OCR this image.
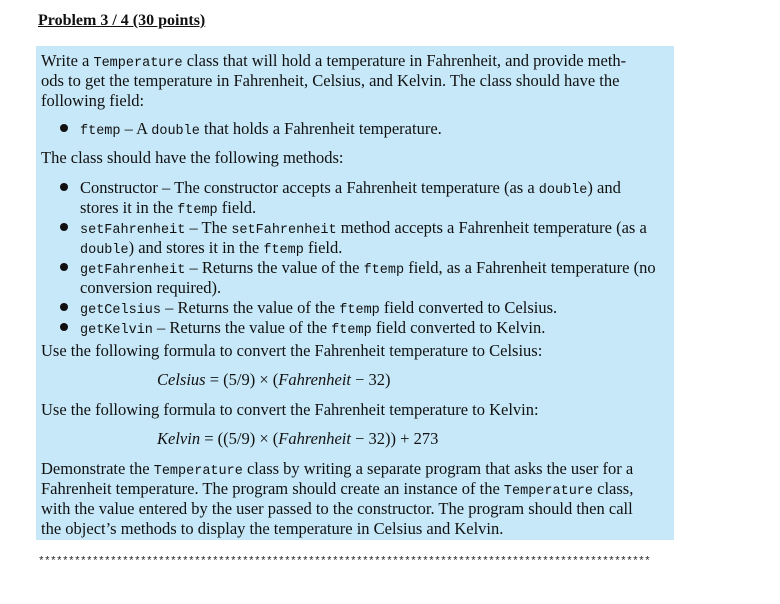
Problem 3 / 4 (30 points)
Write a Temperature class that will hold a temperature in Fahrenheit, and provide meth-
ods to get the temperature in Fahrenheit, Celsius, and Kelvin. The class should have the
following field:
ftemp – A double that holds a Fahrenheit temperature.
The class should have the following methods:
Constructor – The constructor accepts a Fahrenheit temperature (as a double) and
stores it in the ftemp field.
setFahrenheit – The setFahrenheit method accepts a Fahrenheit temperature (as a
double) and stores it in the ftemp field.
getFahrenheit – Returns the value of the ftemp field, as a Fahrenheit temperature (no
conversion required).
getCelsius – Returns the value of the ftemp field converted to Celsius.
getKelvin – Returns the value of the ftemp field converted to Kelvin.
Use the following formula to convert the Fahrenheit temperature to Celsius:
Celsius = (5/9) × (Fahrenheit − 32)
Use the following formula to convert the Fahrenheit temperature to Kelvin:
Kelvin = ((5/9) × (Fahrenheit − 32)) + 273
Demonstrate the Temperature class by writing a separate program that asks the user for a
Fahrenheit temperature. The program should create an instance of the Temperature class,
with the value entered by the user passed to the constructor. The program should then call
the object’s methods to display the temperature in Celsius and Kelvin.
******************************************************************************************************
